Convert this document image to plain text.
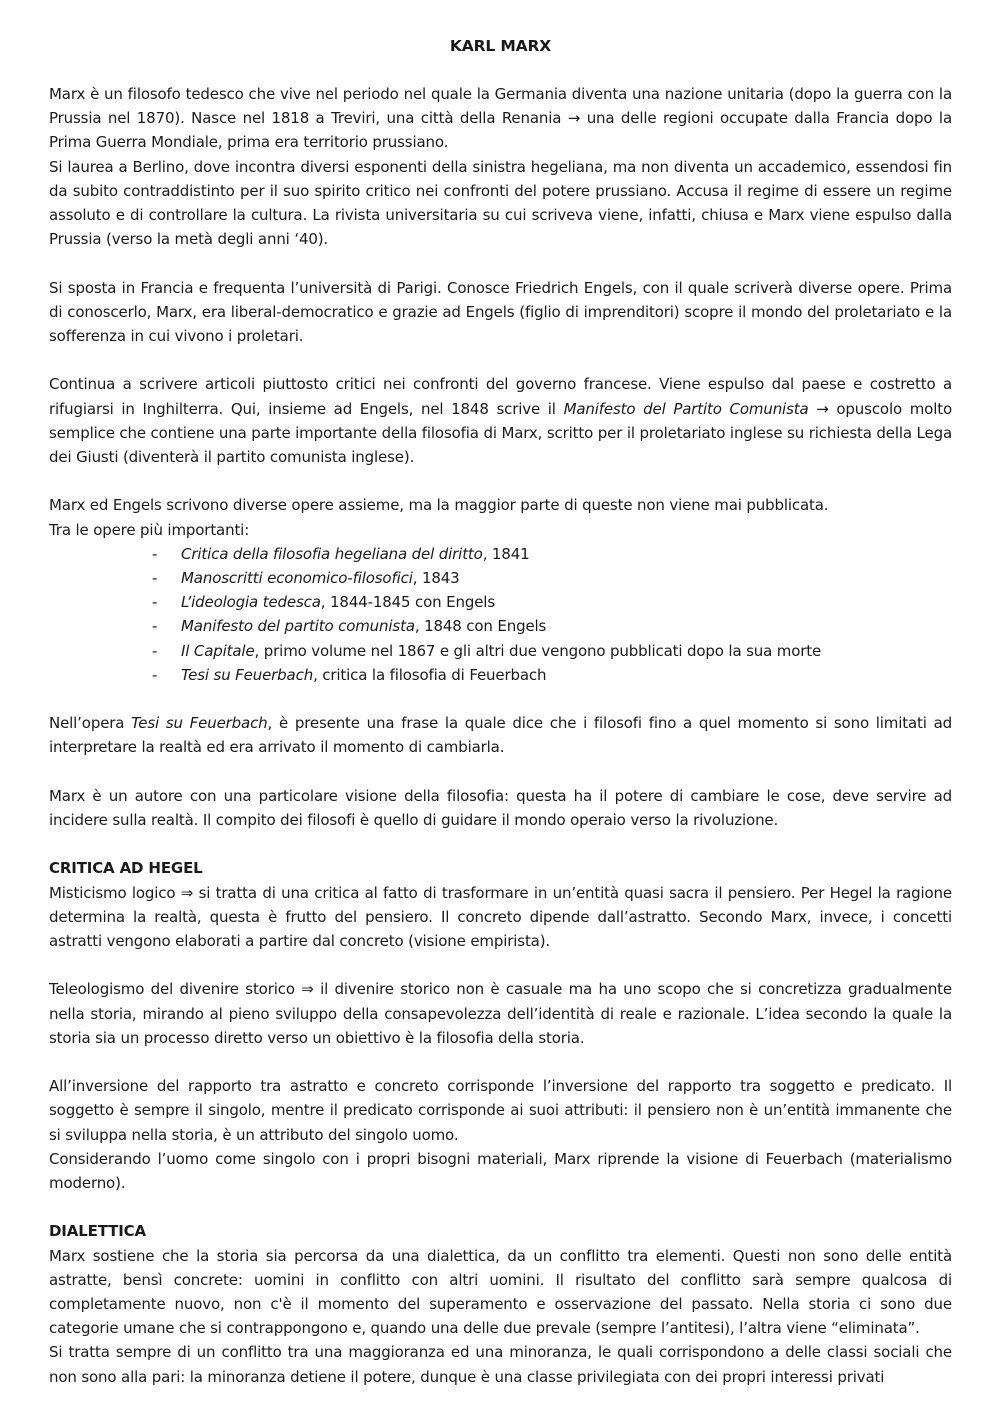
KARL MARX

Marx è un filosofo tedesco che vive nel periodo nel quale la Germania diventa una nazione unitaria (dopo la guerra con la Prussia nel 1870). Nasce nel 1818 a Treviri, una città della Renania → una delle regioni occupate dalla Francia dopo la Prima Guerra Mondiale, prima era territorio prussiano.

Si laurea a Berlino, dove incontra diversi esponenti della sinistra hegeliana, ma non diventa un accademico, essendosi fin da subito contraddistinto per il suo spirito critico nei confronti del potere prussiano. Accusa il regime di essere un regime assoluto e di controllare la cultura. La rivista universitaria su cui scriveva viene, infatti, chiusa e Marx viene espulso dalla Prussia (verso la metà degli anni ‘40).

Si sposta in Francia e frequenta l’università di Parigi. Conosce Friedrich Engels, con il quale scriverà diverse opere. Prima di conoscerlo, Marx, era liberal-democratico e grazie ad Engels (figlio di imprenditori) scopre il mondo del proletariato e la sofferenza in cui vivono i proletari.

Continua a scrivere articoli piuttosto critici nei confronti del governo francese. Viene espulso dal paese e costretto a rifugiarsi in Inghilterra. Qui, insieme ad Engels, nel 1848 scrive il Manifesto del Partito Comunista → opuscolo molto semplice che contiene una parte importante della filosofia di Marx, scritto per il proletariato inglese su richiesta della Lega dei Giusti (diventerà il partito comunista inglese).

Marx ed Engels scrivono diverse opere assieme, ma la maggior parte di queste non viene mai pubblicata.

Tra le opere più importanti:

- Critica della filosofia hegeliana del diritto, 1841
- Manoscritti economico-filosofici, 1843
- L’ideologia tedesca, 1844-1845 con Engels
- Manifesto del partito comunista, 1848 con Engels
- Il Capitale, primo volume nel 1867 e gli altri due vengono pubblicati dopo la sua morte
- Tesi su Feuerbach, critica la filosofia di Feuerbach

Nell’opera Tesi su Feuerbach, è presente una frase la quale dice che i filosofi fino a quel momento si sono limitati ad interpretare la realtà ed era arrivato il momento di cambiarla.

Marx è un autore con una particolare visione della filosofia: questa ha il potere di cambiare le cose, deve servire ad incidere sulla realtà. Il compito dei filosofi è quello di guidare il mondo operaio verso la rivoluzione.

CRITICA AD HEGEL

Misticismo logico ⇒ si tratta di una critica al fatto di trasformare in un’entità quasi sacra il pensiero. Per Hegel la ragione determina la realtà, questa è frutto del pensiero. Il concreto dipende dall’astratto. Secondo Marx, invece, i concetti astratti vengono elaborati a partire dal concreto (visione empirista).

Teleologismo del divenire storico ⇒ il divenire storico non è casuale ma ha uno scopo che si concretizza gradualmente nella storia, mirando al pieno sviluppo della consapevolezza dell’identità di reale e razionale. L’idea secondo la quale la storia sia un processo diretto verso un obiettivo è la filosofia della storia.

All’inversione del rapporto tra astratto e concreto corrisponde l’inversione del rapporto tra soggetto e predicato. Il soggetto è sempre il singolo, mentre il predicato corrisponde ai suoi attributi: il pensiero non è un’entità immanente che si sviluppa nella storia, è un attributo del singolo uomo.

Considerando l’uomo come singolo con i propri bisogni materiali, Marx riprende la visione di Feuerbach (materialismo moderno).

DIALETTICA

Marx sostiene che la storia sia percorsa da una dialettica, da un conflitto tra elementi. Questi non sono delle entità astratte, bensì concrete: uomini in conflitto con altri uomini. Il risultato del conflitto sarà sempre qualcosa di completamente nuovo, non c'è il momento del superamento e osservazione del passato. Nella storia ci sono due categorie umane che si contrappongono e, quando una delle due prevale (sempre l’antitesi), l’altra viene “eliminata”.

Si tratta sempre di un conflitto tra una maggioranza ed una minoranza, le quali corrispondono a delle classi sociali che non sono alla pari: la minoranza detiene il potere, dunque è una classe privilegiata con dei propri interessi privati
